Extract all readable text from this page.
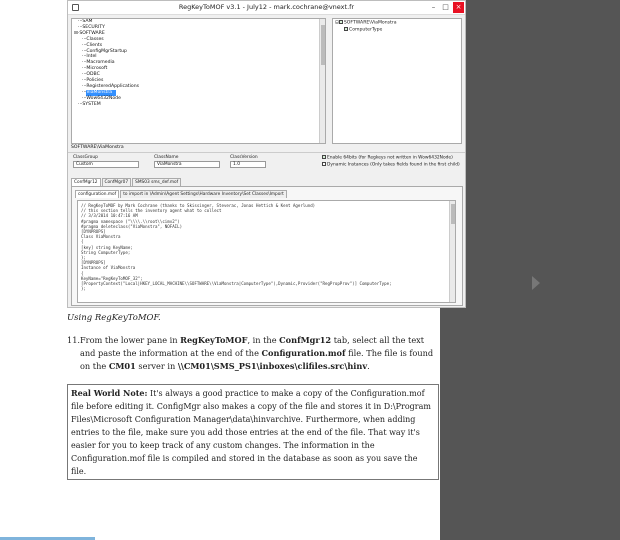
RegKeyToMOF v3.1 - July12 - mark.cochrane@vnext.fr	– □ ×
···SAM
···SECURITY
⊟·SOFTWARE
···Classes
···Clients
···ConfigMgrStartup
···Intel
···Macromedia
···Microsoft
···ODBC
···Policies
···RegisteredApplications
···ViaMonstra
···Wow6432Node
···SYSTEM
⊟ SOFTWARE\ViaMonstra
ComputerType
SOFTWARE\ViaMonstra
ClassGroup
Custom
ClassName
ViaMonstra
ClassVersion
1.0
Enable 64bits (for Regkeys not written in Wow6432Node)
Dynamic Instances (Only takes fields found in the first child)
ConfMgr12 ConfMgr07 SMS03 sms_def.mof
configuration.mof to import in \Admin\Agent Settings\Hardware Inventory\Set Classes\Import
// RegKeyToMOF by Mark Cochrane (thanks to Skissinger, Steverac, Jonas Hettich & Kent Agerlund)
// this section tells the inventory agent what to collect
// 3/3/2014 10:47:16 AM
#pragma namespace ("\\\\.\\root\\cimv2")
#pragma deleteclass("ViaMonstra", NOFAIL)
[DYNPROPS]
Class ViaMonstra
{
[key] string KeyName;
String ComputerType;
};
[DYNPROPS]
Instance of ViaMonstra
{
KeyName="RegKeyToMOF_32";
[PropertyContext("Local|HKEY_LOCAL_MACHINE\\SOFTWARE\\ViaMonstra|ComputerType"),Dynamic,Provider("RegPropProv")] ComputerType;
};
Using RegKeyToMOF.
11. From the lower pane in RegKeyToMOF, in the ConfMgr12 tab, select all the text and paste the information at the end of the Configuration.mof file. The file is found on the CM01 server in \\CM01\SMS_PS1\inboxes\clifiles.src\hinv.
Real World Note: It's always a good practice to make a copy of the Configuration.mof file before editing it. ConfigMgr also makes a copy of the file and stores it in D:\Program Files\Microsoft Configuration Manager\data\hinvarchive. Furthermore, when adding entries to the file, make sure you add those entries at the end of the file. That way it's easier for you to keep track of any custom changes. The information in the Configuration.mof file is compiled and stored in the database as soon as you save the file.
